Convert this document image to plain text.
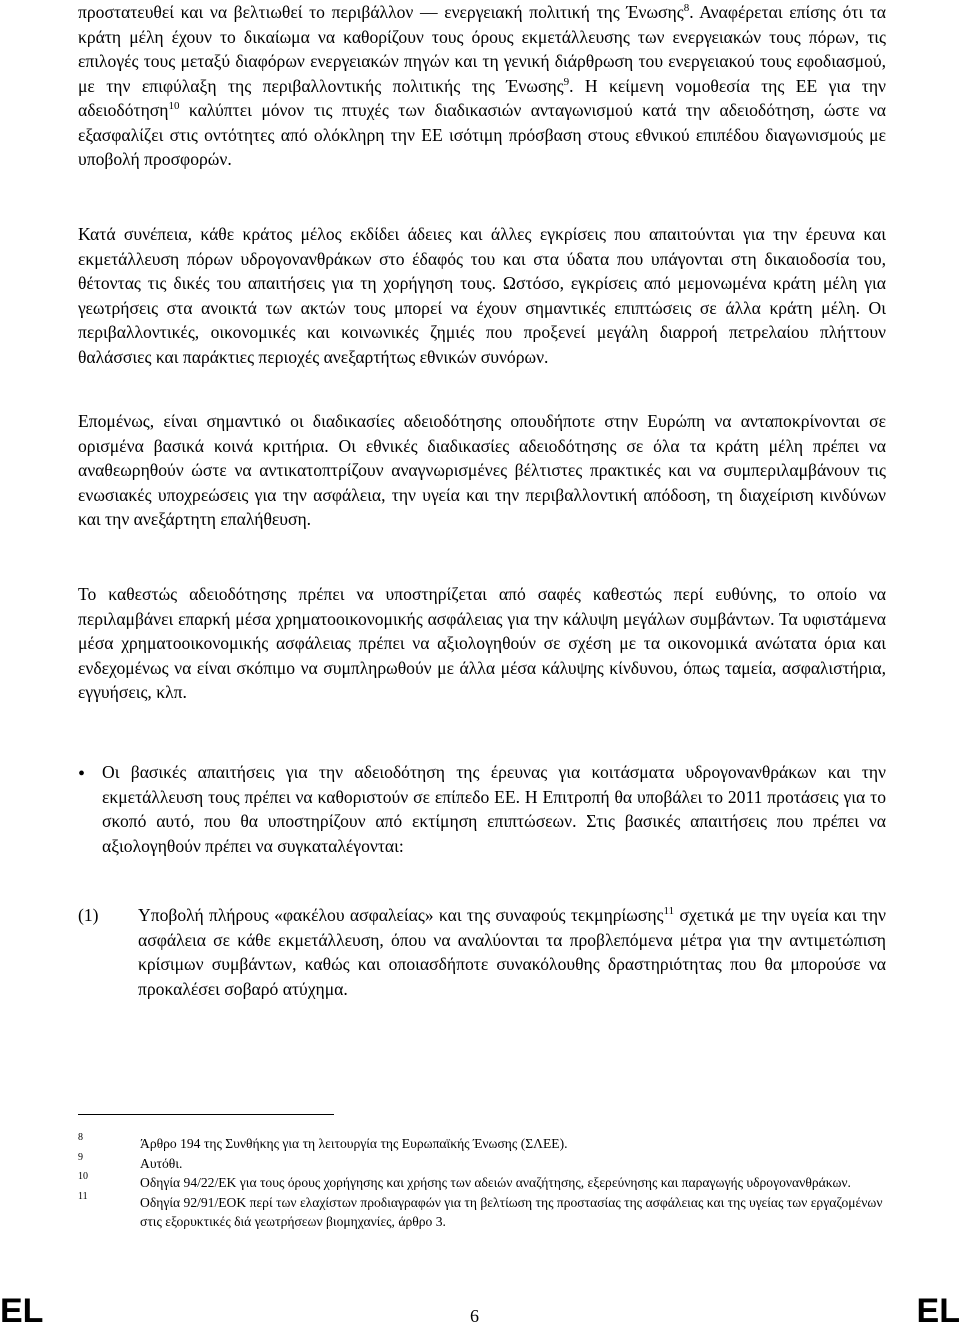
προστατευθεί και να βελτιωθεί το περιβάλλον — ενεργειακή πολιτική της Ένωσης$^8$. Αναφέρεται επίσης ότι τα κράτη μέλη έχουν το δικαίωμα να καθορίζουν τους όρους εκμετάλλευσης των ενεργειακών τους πόρων, τις επιλογές τους μεταξύ διαφόρων ενεργειακών πηγών και τη γενική διάρθρωση του ενεργειακού τους εφοδιασμού, με την επιφύλαξη της περιβαλλοντικής πολιτικής της Ένωσης$^9$. Η κείμενη νομοθεσία της ΕΕ για την αδειοδότηση$^{10}$ καλύπτει μόνον τις πτυχές των διαδικασιών ανταγωνισμού κατά την αδειοδότηση, ώστε να εξασφαλίζει στις οντότητες από ολόκληρη την ΕΕ ισότιμη πρόσβαση στους εθνικού επιπέδου διαγωνισμούς με υποβολή προσφορών.

Κατά συνέπεια, κάθε κράτος μέλος εκδίδει άδειες και άλλες εγκρίσεις που απαιτούνται για την έρευνα και εκμετάλλευση πόρων υδρογονανθράκων στο έδαφός του και στα ύδατα που υπάγονται στη δικαιοδοσία του, θέτοντας τις δικές του απαιτήσεις για τη χορήγηση τους. Ωστόσο, εγκρίσεις από μεμονωμένα κράτη μέλη για γεωτρήσεις στα ανοικτά των ακτών τους μπορεί να έχουν σημαντικές επιπτώσεις σε άλλα κράτη μέλη. Οι περιβαλλοντικές, οικονομικές και κοινωνικές ζημιές που προξενεί μεγάλη διαρροή πετρελαίου πλήττουν θαλάσσιες και παράκτιες περιοχές ανεξαρτήτως εθνικών συνόρων.

Επομένως, είναι σημαντικό οι διαδικασίες αδειοδότησης οπουδήποτε στην Ευρώπη να ανταποκρίνονται σε ορισμένα βασικά κοινά κριτήρια. Οι εθνικές διαδικασίες αδειοδότησης σε όλα τα κράτη μέλη πρέπει να αναθεωρηθούν ώστε να αντικατοπτρίζουν αναγνωρισμένες βέλτιστες πρακτικές και να συμπεριλαμβάνουν τις ενωσιακές υποχρεώσεις για την ασφάλεια, την υγεία και την περιβαλλοντική απόδοση, τη διαχείριση κινδύνων και την ανεξάρτητη επαλήθευση.

Το καθεστώς αδειοδότησης πρέπει να υποστηρίζεται από σαφές καθεστώς περί ευθύνης, το οποίο να περιλαμβάνει επαρκή μέσα χρηματοοικονομικής ασφάλειας για την κάλυψη μεγάλων συμβάντων. Τα υφιστάμενα μέσα χρηματοοικονομικής ασφάλειας πρέπει να αξιολογηθούν σε σχέση με τα οικονομικά ανώτατα όρια και ενδεχομένως να είναι σκόπιμο να συμπληρωθούν με άλλα μέσα κάλυψης κίνδυνου, όπως ταμεία, ασφαλιστήρια, εγγυήσεις, κλπ.

• Οι βασικές απαιτήσεις για την αδειοδότηση της έρευνας για κοιτάσματα υδρογονανθράκων και την εκμετάλλευση τους πρέπει να καθοριστούν σε επίπεδο ΕΕ. Η Επιτροπή θα υποβάλει το 2011 προτάσεις για το σκοπό αυτό, που θα υποστηρίζουν από εκτίμηση επιπτώσεων. Στις βασικές απαιτήσεις που πρέπει να αξιολογηθούν πρέπει να συγκαταλέγονται:

(1) Υποβολή πλήρους «φακέλου ασφαλείας» και της συναφούς τεκμηρίωσης$^{11}$ σχετικά με την υγεία και την ασφάλεια σε κάθε εκμετάλλευση, όπου να αναλύονται τα προβλεπόμενα μέτρα για την αντιμετώπιση κρίσιμων συμβάντων, καθώς και οποιασδήποτε συνακόλουθης δραστηριότητας που θα μπορούσε να προκαλέσει σοβαρό ατύχημα.

8	Άρθρο 194 της Συνθήκης για τη λειτουργία της Ευρωπαϊκής Ένωσης (ΣΛΕΕ).
9	Αυτόθι.
10	Οδηγία 94/22/ΕΚ για τους όρους χορήγησης και χρήσης των αδειών αναζήτησης, εξερεύνησης και παραγωγής υδρογονανθράκων.
11	Οδηγία 92/91/ΕΟΚ περί των ελαχίστων προδιαγραφών για τη βελτίωση της προστασίας της ασφάλειας και της υγείας των εργαζομένων στις εξορυκτικές διά γεωτρήσεων βιομηχανίες, άρθρο 3.
EL	6	EL
